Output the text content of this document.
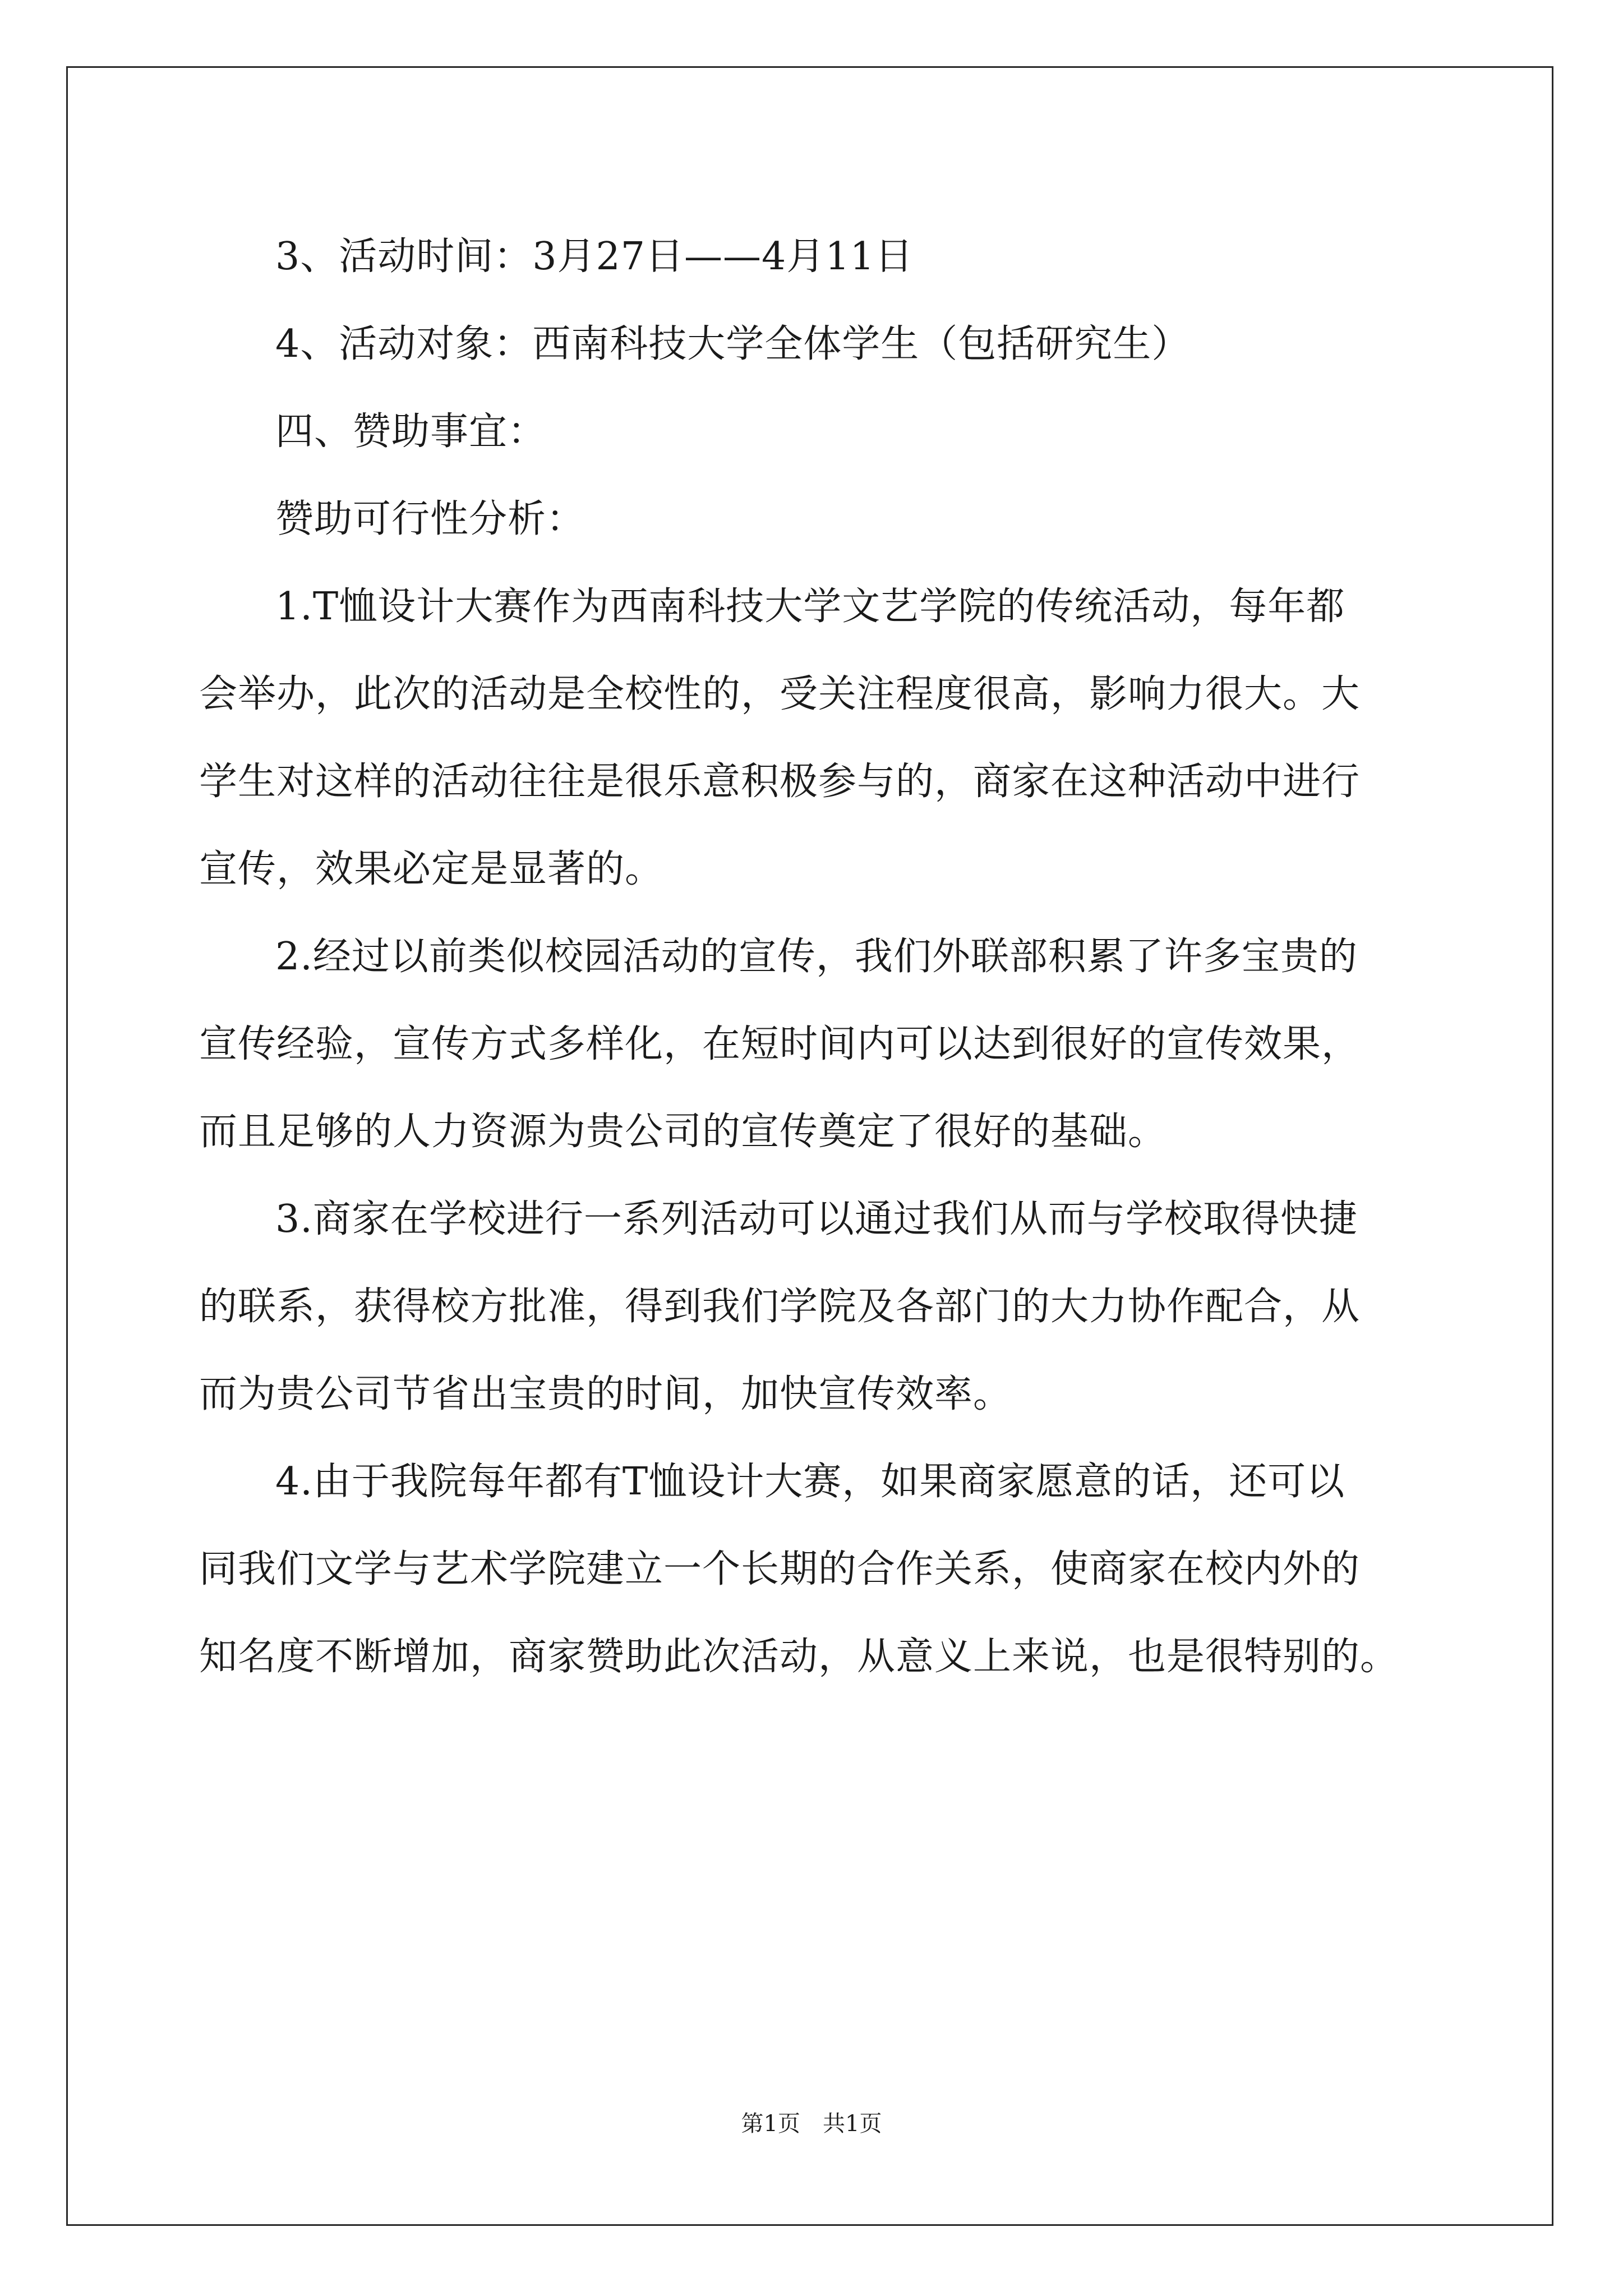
3、活动时间：3月27日——4月11日
4、活动对象：西南科技大学全体学生（包括研究生）
四、赞助事宜：
赞助可行性分析：
1.T恤设计大赛作为西南科技大学文艺学院的传统活动，每年都
会举办，此次的活动是全校性的，受关注程度很高，影响力很大。大
学生对这样的活动往往是很乐意积极参与的，商家在这种活动中进行
宣传，效果必定是显著的。
2.经过以前类似校园活动的宣传，我们外联部积累了许多宝贵的
宣传经验，宣传方式多样化，在短时间内可以达到很好的宣传效果，
而且足够的人力资源为贵公司的宣传奠定了很好的基础。
3.商家在学校进行一系列活动可以通过我们从而与学校取得快捷
的联系，获得校方批准，得到我们学院及各部门的大力协作配合，从
而为贵公司节省出宝贵的时间，加快宣传效率。
4.由于我院每年都有T恤设计大赛，如果商家愿意的话，还可以
同我们文学与艺术学院建立一个长期的合作关系，使商家在校内外的
知名度不断增加，商家赞助此次活动，从意义上来说，也是很特别的。
第1页　共1页
